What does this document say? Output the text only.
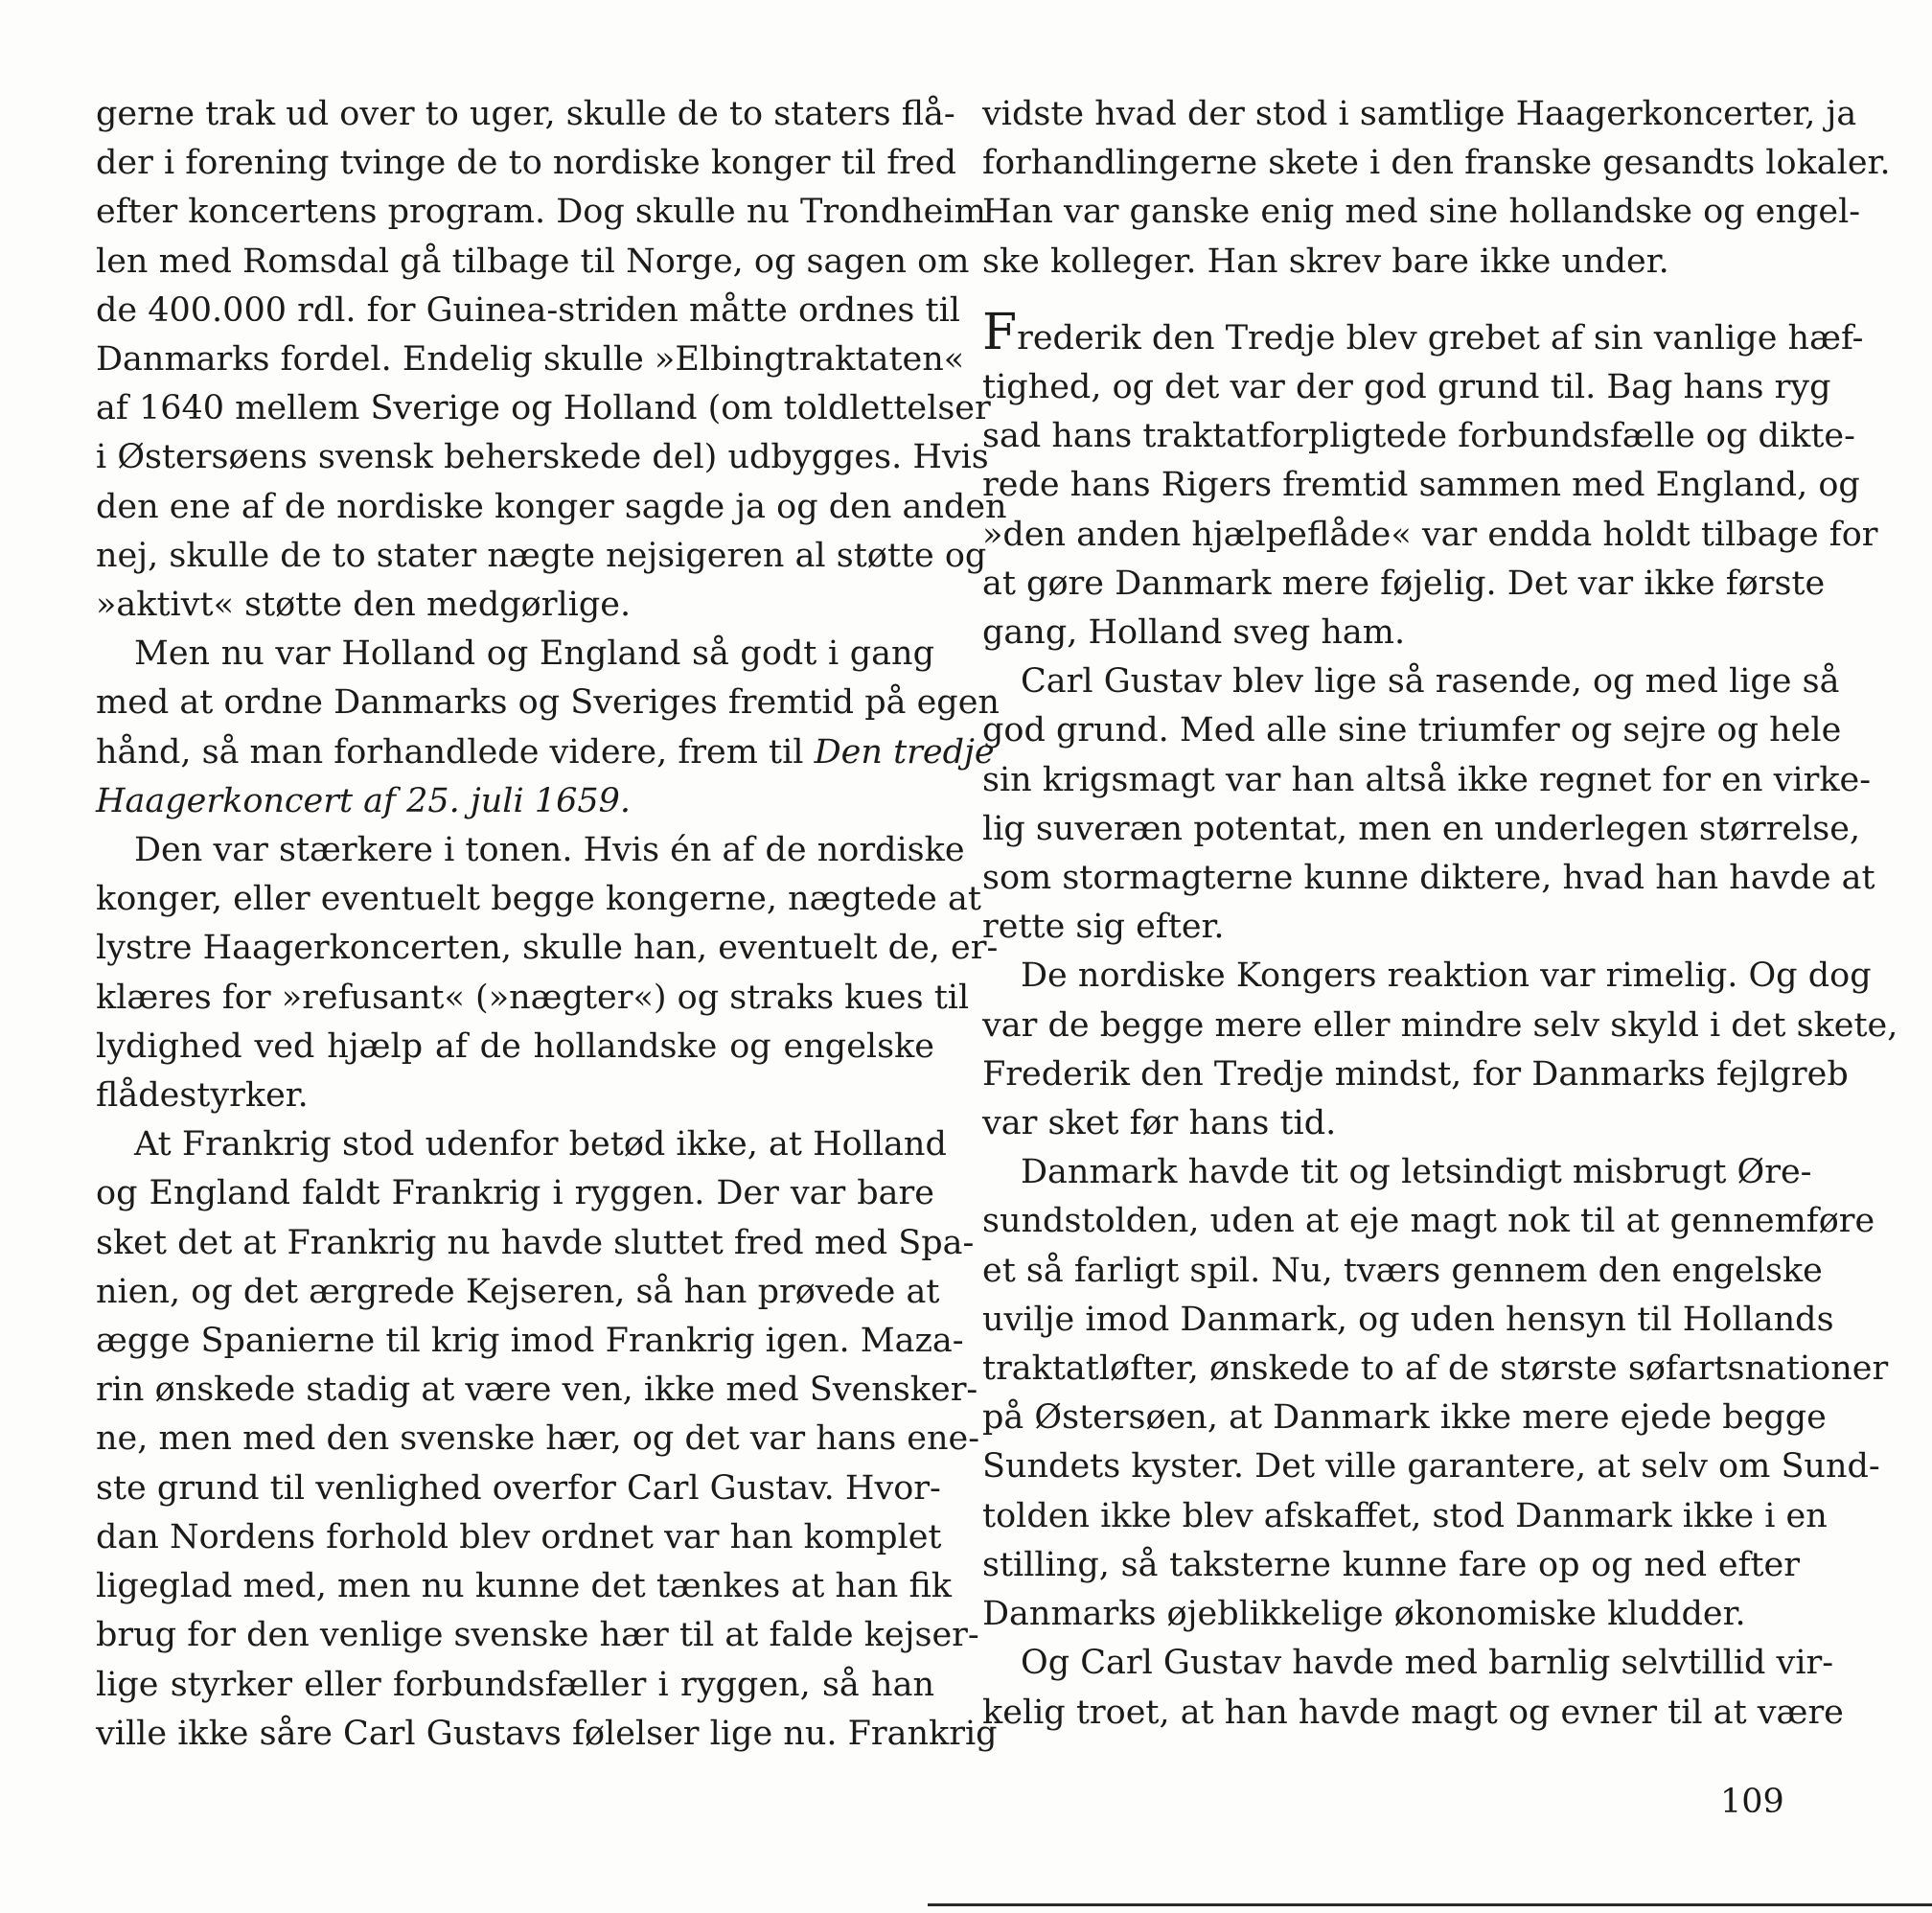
gerne trak ud over to uger, skulle de to staters flå-
der i forening tvinge de to nordiske konger til fred
efter koncertens program. Dog skulle nu Trondheim
len med Romsdal gå tilbage til Norge, og sagen om
de 400.000 rdl. for Guinea-striden måtte ordnes til
Danmarks fordel. Endelig skulle »Elbingtraktaten«
af 1640 mellem Sverige og Holland (om toldlettelser
i Østersøens svensk beherskede del) udbygges. Hvis
den ene af de nordiske konger sagde ja og den anden
nej, skulle de to stater nægte nejsigeren al støtte og
»aktivt« støtte den medgørlige.
Men nu var Holland og England så godt i gang
med at ordne Danmarks og Sveriges fremtid på egen
hånd, så man forhandlede videre, frem til Den tredje
Haagerkoncert af 25. juli 1659.
Den var stærkere i tonen. Hvis én af de nordiske
konger, eller eventuelt begge kongerne, nægtede at
lystre Haagerkoncerten, skulle han, eventuelt de, er-
klæres for »refusant« (»nægter«) og straks kues til
lydighed ved hjælp af de hollandske og engelske
flådestyrker.
At Frankrig stod udenfor betød ikke, at Holland
og England faldt Frankrig i ryggen. Der var bare
sket det at Frankrig nu havde sluttet fred med Spa-
nien, og det ærgrede Kejseren, så han prøvede at
ægge Spanierne til krig imod Frankrig igen. Maza-
rin ønskede stadig at være ven, ikke med Svensker-
ne, men med den svenske hær, og det var hans ene-
ste grund til venlighed overfor Carl Gustav. Hvor-
dan Nordens forhold blev ordnet var han komplet
ligeglad med, men nu kunne det tænkes at han fik
brug for den venlige svenske hær til at falde kejser-
lige styrker eller forbundsfæller i ryggen, så han
ville ikke såre Carl Gustavs følelser lige nu. Frankrig
vidste hvad der stod i samtlige Haagerkoncerter, ja
forhandlingerne skete i den franske gesandts lokaler.
Han var ganske enig med sine hollandske og engel-
ske kolleger. Han skrev bare ikke under.
Frederik den Tredje blev grebet af sin vanlige hæf-
tighed, og det var der god grund til. Bag hans ryg
sad hans traktatforpligtede forbundsfælle og dikte-
rede hans Rigers fremtid sammen med England, og
»den anden hjælpeflåde« var endda holdt tilbage for
at gøre Danmark mere føjelig. Det var ikke første
gang, Holland sveg ham.
Carl Gustav blev lige så rasende, og med lige så
god grund. Med alle sine triumfer og sejre og hele
sin krigsmagt var han altså ikke regnet for en virke-
lig suveræn potentat, men en underlegen størrelse,
som stormagterne kunne diktere, hvad han havde at
rette sig efter.
De nordiske Kongers reaktion var rimelig. Og dog
var de begge mere eller mindre selv skyld i det skete,
Frederik den Tredje mindst, for Danmarks fejlgreb
var sket før hans tid.
Danmark havde tit og letsindigt misbrugt Øre-
sundstolden, uden at eje magt nok til at gennemføre
et så farligt spil. Nu, tværs gennem den engelske
uvilje imod Danmark, og uden hensyn til Hollands
traktatløfter, ønskede to af de største søfartsnationer
på Østersøen, at Danmark ikke mere ejede begge
Sundets kyster. Det ville garantere, at selv om Sund-
tolden ikke blev afskaffet, stod Danmark ikke i en
stilling, så taksterne kunne fare op og ned efter
Danmarks øjeblikkelige økonomiske kludder.
Og Carl Gustav havde med barnlig selvtillid vir-
kelig troet, at han havde magt og evner til at være
109
